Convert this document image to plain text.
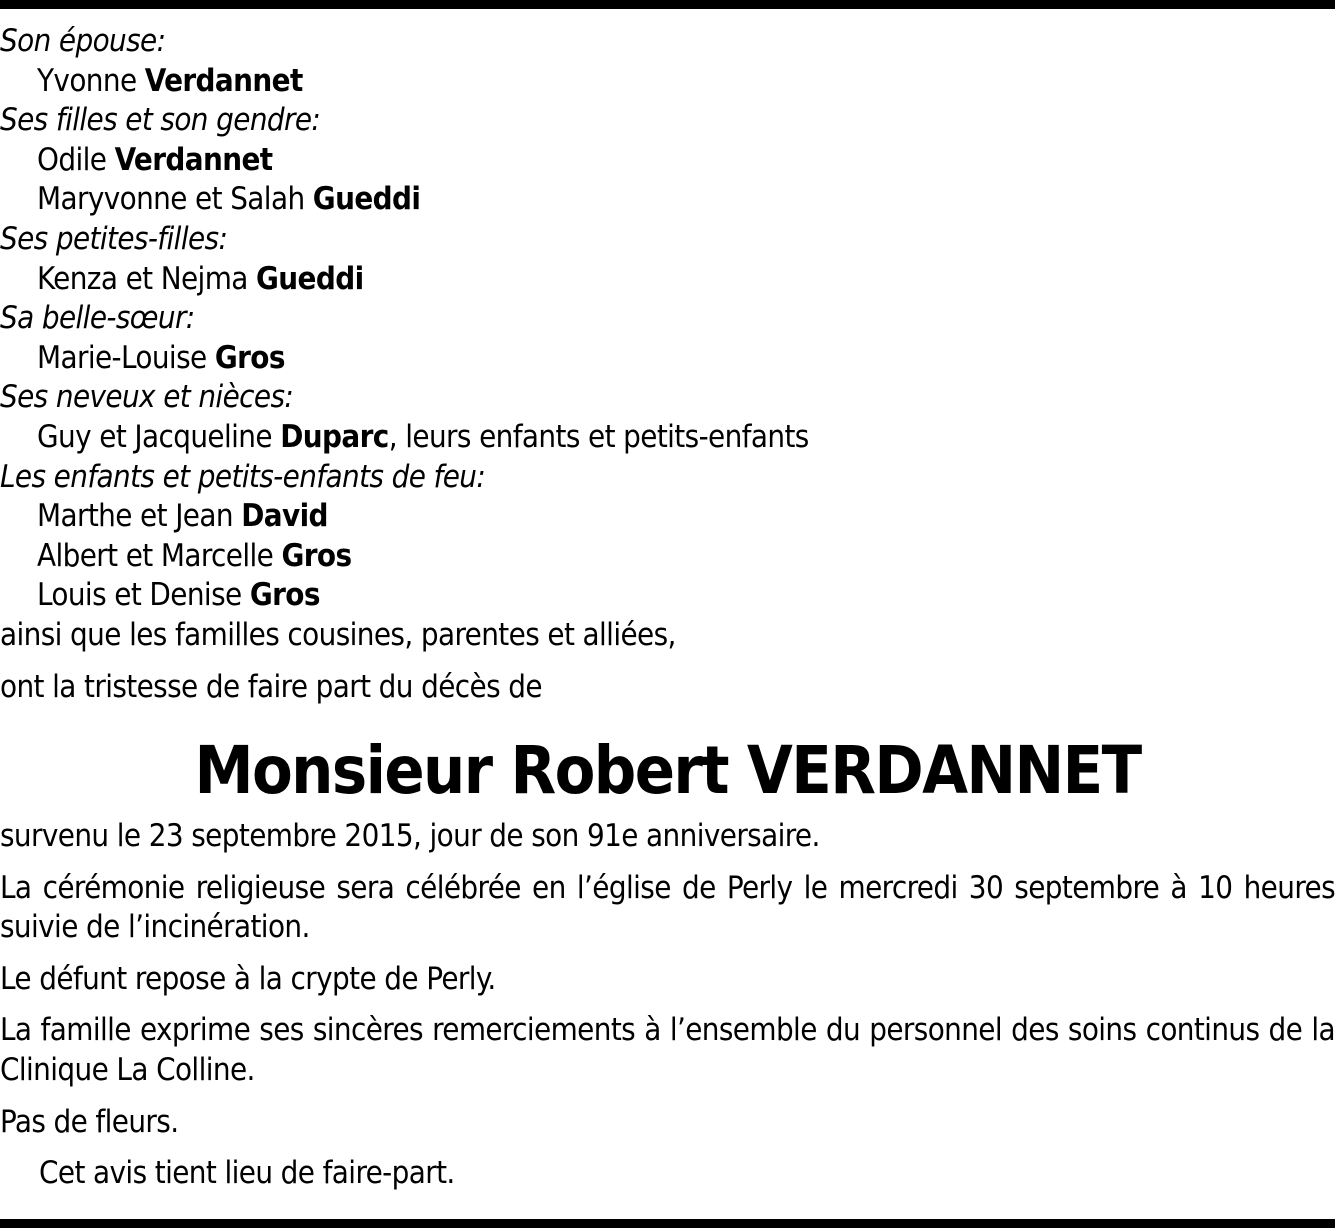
Son épouse:
Yvonne Verdannet
Ses filles et son gendre:
Odile Verdannet
Maryvonne et Salah Gueddi
Ses petites-filles:
Kenza et Nejma Gueddi
Sa belle-sœur:
Marie-Louise Gros
Ses neveux et nièces:
Guy et Jacqueline Duparc, leurs enfants et petits-enfants
Les enfants et petits-enfants de feu:
Marthe et Jean David
Albert et Marcelle Gros
Louis et Denise Gros
ainsi que les familles cousines, parentes et alliées,
ont la tristesse de faire part du décès de
Monsieur Robert VERDANNET
survenu le 23 septembre 2015, jour de son 91e anniversaire.
La cérémonie religieuse sera célébrée en l’église de Perly le mercredi 30 septembre à 10 heures suivie de l’incinération.
Le défunt repose à la crypte de Perly.
La famille exprime ses sincères remerciements à l’ensemble du personnel des soins continus de la Clinique La Colline.
Pas de fleurs.
Cet avis tient lieu de faire-part.
